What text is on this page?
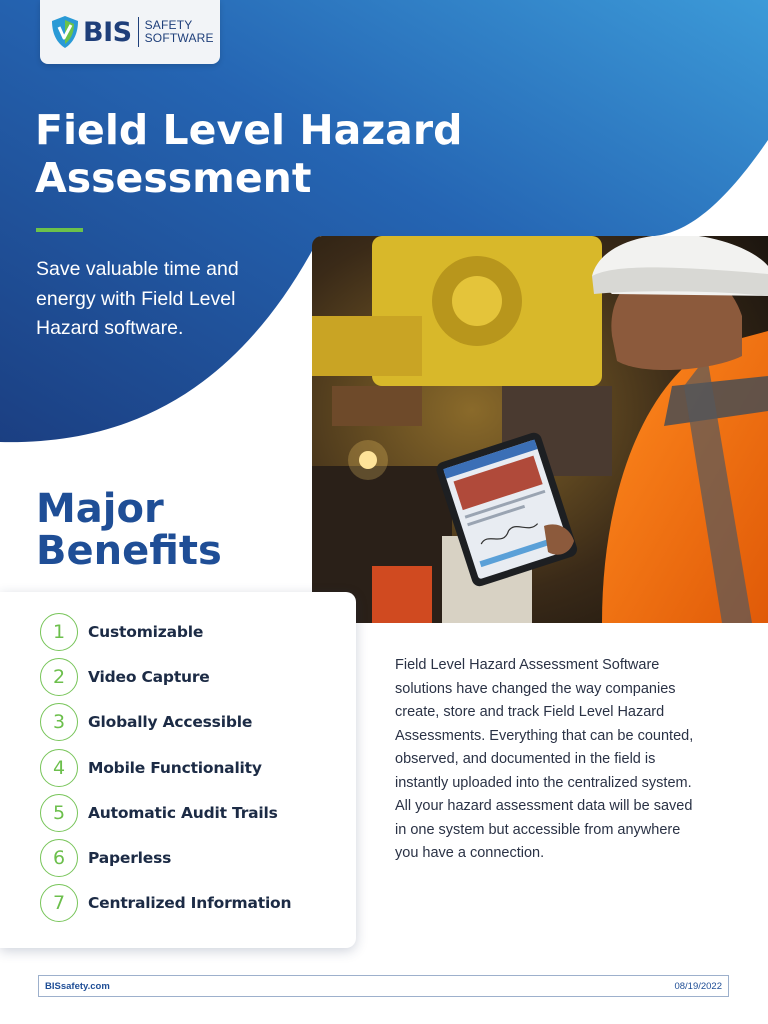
BIS SAFETY
SOFTWARE
Field Level Hazard
Assessment

Save valuable time and energy with Field Level Hazard software.

Major
Benefits
1	Customizable
2	Video Capture
3	Globally Accessible
4	Mobile Functionality
5	Automatic Audit Trails
6	Paperless
7	Centralized Information

Field Level Hazard Assessment Software solutions have changed the way companies create, store and track Field Level Hazard Assessments. Everything that can be counted, observed, and documented in the field is instantly uploaded into the centralized system. All your hazard assessment data will be saved in one system but accessible from anywhere you have a connection.

BISsafety.com	08/19/2022
